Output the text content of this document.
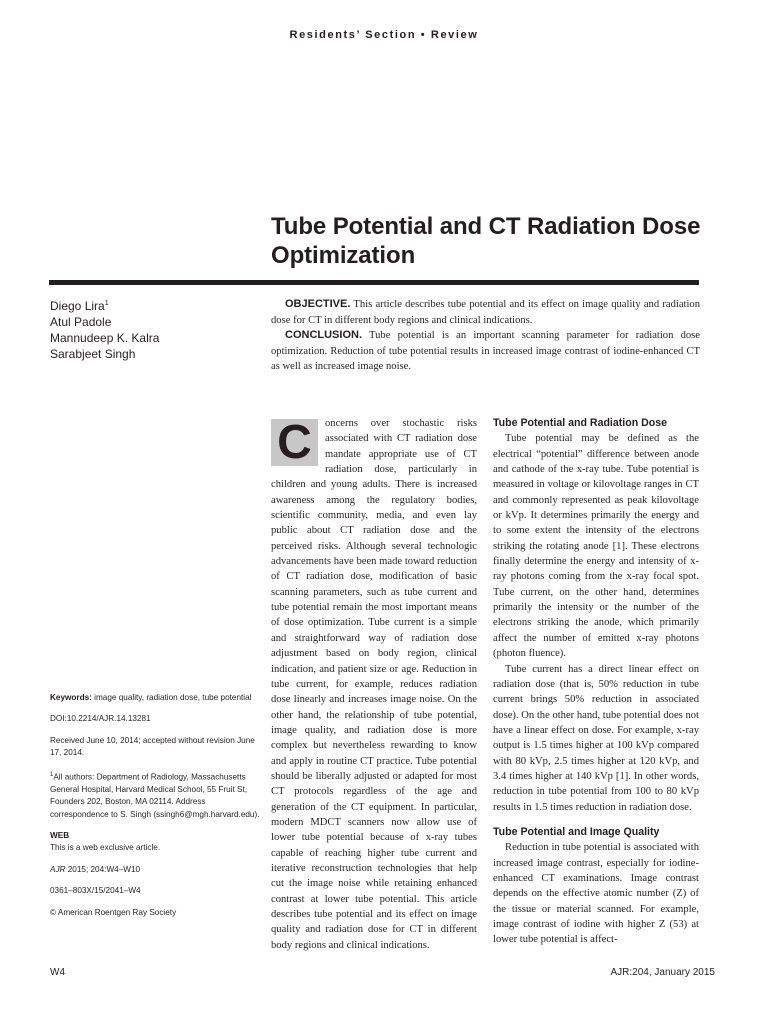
Residents’ Section • Review
Tube Potential and CT Radiation Dose Optimization
Diego Lira$^1$
Atul Padole
Mannudeep K. Kalra
Sarabjeet Singh

OBJECTIVE. This article describes tube potential and its effect on image quality and radiation dose for CT in different body regions and clinical indications.

CONCLUSION. Tube potential is an important scanning parameter for radiation dose optimization. Reduction of tube potential results in increased image contrast of iodine-enhanced CT as well as increased image noise.

C	oncerns over stochastic risks associated with CT radiation dose mandate appropriate use of CT radiation dose, particularly in children and young adults. There is increased awareness among the regulatory bodies, scientific community, media, and even lay public about CT radiation dose and the perceived risks. Although several technologic advancements have been made toward reduction of CT radiation dose, modification of basic scanning parameters, such as tube current and tube potential remain the most important means of dose optimization. Tube current is a simple and straightforward way of radiation dose adjustment based on body region, clinical indication, and patient size or age. Reduction in tube current, for example, reduces radiation dose linearly and increases image noise. On the other hand, the relationship of tube potential, image quality, and radiation dose is more complex but nevertheless rewarding to know and apply in routine CT practice. Tube potential should be liberally adjusted or adapted for most CT protocols regardless of the age and generation of the CT equipment. In particular, modern MDCT scanners now allow use of lower tube potential because of x-ray tubes capable of reaching higher tube current and iterative reconstruction technologies that help cut the image noise while retaining enhanced contrast at lower tube potential. This article describes tube potential and its effect on image quality and radiation dose for CT in different body regions and clinical indications.

Tube Potential and Radiation Dose

Tube potential may be defined as the electrical “potential” difference between anode and cathode of the x-ray tube. Tube potential is measured in voltage or kilovoltage ranges in CT and commonly represented as peak kilovoltage or kVp. It determines primarily the energy and to some extent the intensity of the electrons striking the rotating anode [1]. These electrons finally determine the energy and intensity of x-ray photons coming from the x-ray focal spot. Tube current, on the other hand, determines primarily the intensity or the number of the electrons striking the anode, which primarily affect the number of emitted x-ray photons (photon fluence).

Tube current has a direct linear effect on radiation dose (that is, 50% reduction in tube current brings 50% reduction in associated dose). On the other hand, tube potential does not have a linear effect on dose. For example, x-ray output is 1.5 times higher at 100 kVp compared with 80 kVp, 2.5 times higher at 120 kVp, and 3.4 times higher at 140 kVp [1]. In other words, reduction in tube potential from 100 to 80 kVp results in 1.5 times reduction in radiation dose.

Tube Potential and Image Quality

Reduction in tube potential is associated with increased image contrast, especially for iodine-enhanced CT examinations. Image contrast depends on the effective atomic number (Z) of the tissue or material scanned. For example, image contrast of iodine with higher Z (53) at lower tube potential is affect-

Keywords: image quality, radiation dose, tube potential

DOI:10.2214/AJR.14.13281

Received June 10, 2014; accepted without revision June 17, 2014.

$^1$All authors: Department of Radiology, Massachusetts General Hospital, Harvard Medical School, 55 Fruit St, Founders 202, Boston, MA 02114. Address correspondence to S. Singh (ssingh6@mgh.harvard.edu).

WEB

This is a web exclusive article.

AJR 2015; 204:W4–W10

0361–803X/15/2041–W4

© American Roentgen Ray Society

W4	AJR:204, January 2015
